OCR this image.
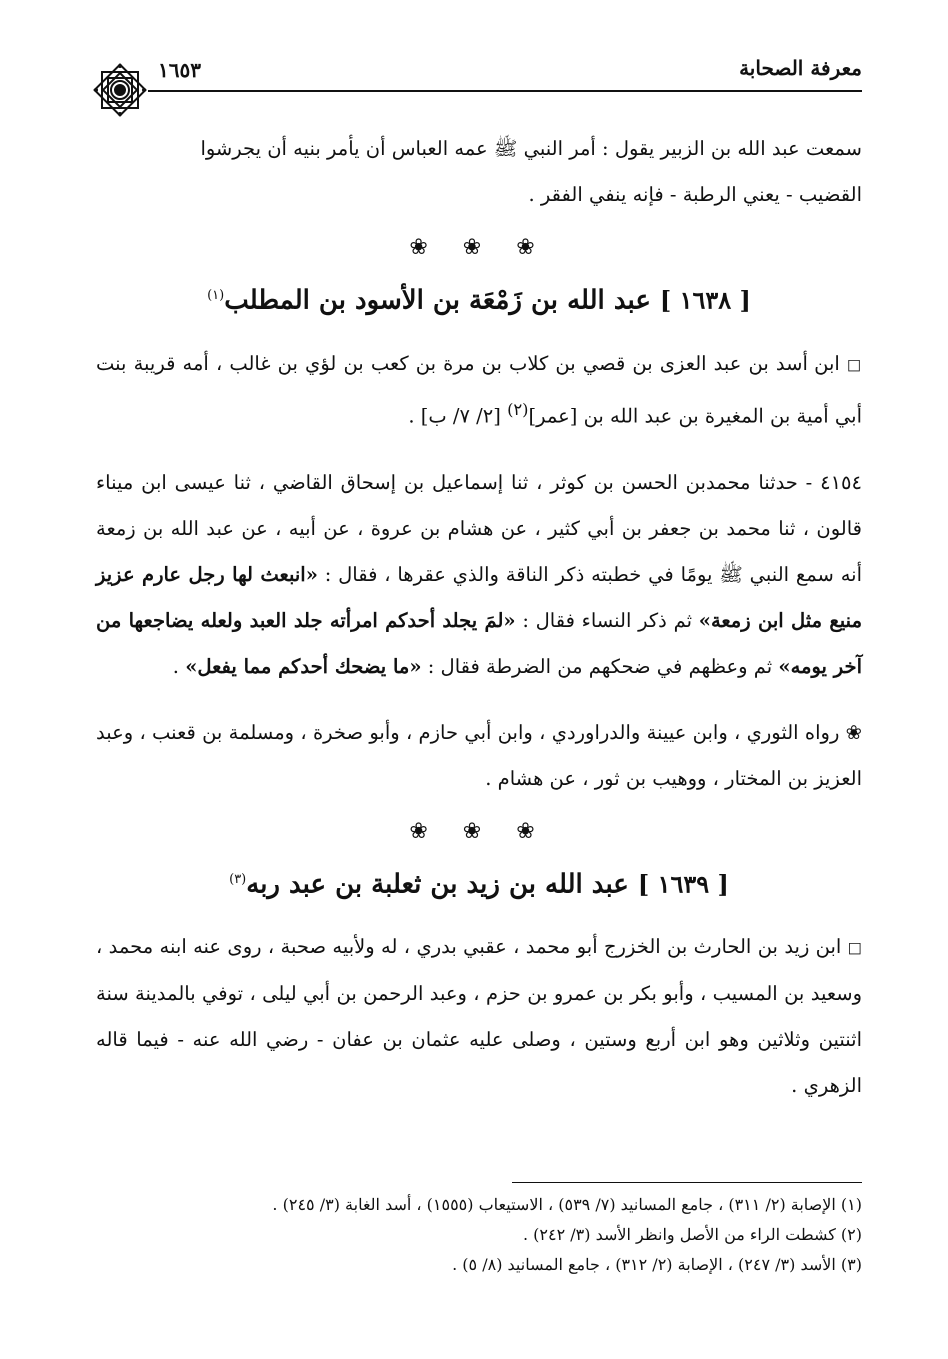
معرفة الصحابة
١٦٥٣

سمعت عبد الله بن الزبير يقول : أمر النبي ﷺ عمه العباس أن يأمر بنيه أن يجرشوا

القضيب - يعني الرطبة - فإنه ينفي الفقر .

❀ ❀ ❀

[ ١٦٣٨ ] عبد الله بن زَمْعَة بن الأسود بن المطلب$^{(١)}$

□ ابن أسد بن عبد العزى بن قصي بن كلاب بن مرة بن كعب بن لؤي بن غالب ، أمه قريبة بنت أبي أمية بن المغيرة بن عبد الله بن [عمر]$^{(٢)}$ [٢/ ٧/ ب] .

٤١٥٤ - حدثنا محمدبن الحسن بن كوثر ، ثنا إسماعيل بن إسحاق القاضي ، ثنا عيسى ابن ميناء قالون ، ثنا محمد بن جعفر بن أبي كثير ، عن هشام بن عروة ، عن أبيه ، عن عبد الله بن زمعة أنه سمع النبي ﷺ يومًا في خطبته ذكر الناقة والذي عقرها ، فقال : «انبعث لها رجل عارم عزيز منيع مثل ابن زمعة» ثم ذكر النساء فقال : «لمَ يجلد أحدكم امرأته جلد العبد ولعله يضاجعها من آخر يومه» ثم وعظهم في ضحكهم من الضرطة فقال : «ما يضحك أحدكم مما يفعل» .

❀ رواه الثوري ، وابن عيينة والدراوردي ، وابن أبي حازم ، وأبو صخرة ، ومسلمة بن قعنب ، وعبد العزيز بن المختار ، ووهيب بن ثور ، عن هشام .

❀ ❀ ❀

[ ١٦٣٩ ] عبد الله بن زيد بن ثعلبة بن عبد ربه$^{(٣)}$

□ ابن زيد بن الحارث بن الخزرج أبو محمد ، عقبي بدري ، له ولأبيه صحبة ، روى عنه ابنه محمد ، وسعيد بن المسيب ، وأبو بكر بن عمرو بن حزم ، وعبد الرحمن بن أبي ليلى ، توفي بالمدينة سنة اثنتين وثلاثين وهو ابن أربع وستين ، وصلى عليه عثمان بن عفان - رضي الله عنه - فيما قاله الزهري .

(١) الإصابة (٢/ ٣١١) ، جامع المسانيد (٧/ ٥٣٩) ، الاستيعاب (١٥٥٥) ، أسد الغابة (٣/ ٢٤٥) .

(٢) كشطت الراء من الأصل وانظر الأسد (٣/ ٢٤٢) .

(٣) الأسد (٣/ ٢٤٧) ، الإصابة (٢/ ٣١٢) ، جامع المسانيد (٨/ ٥) .
